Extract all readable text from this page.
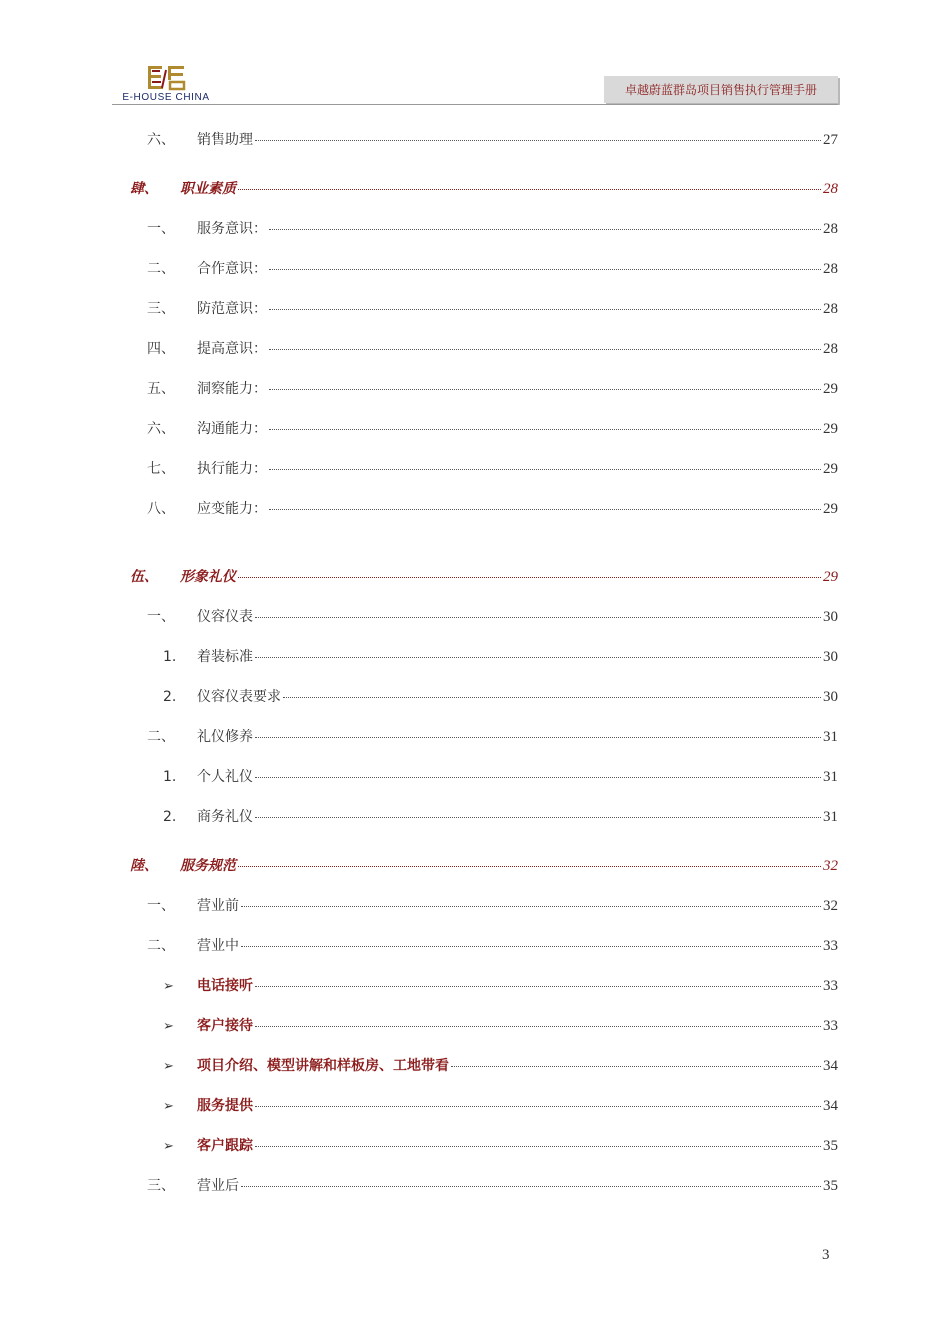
E-HOUSE CHINA
卓越蔚蓝群岛项目销售执行管理手册
六、	销售助理	27
肆、	职业素质	28
一、	服务意识：	28
二、	合作意识：	28
三、	防范意识：	28
四、	提高意识：	28
五、	洞察能力：	29
六、	沟通能力：	29
七、	执行能力：	29
八、	应变能力：	29
伍、	形象礼仪	29
一、	仪容仪表	30
1.	着装标准	30
2.	仪容仪表要求	30
二、	礼仪修养	31
1.	个人礼仪	31
2.	商务礼仪	31
陸、	服务规范	32
一、	营业前	32
二、	营业中	33
➢	电话接听	33
➢	客户接待	33
➢	项目介绍、模型讲解和样板房、工地带看	34
➢	服务提供	34
➢	客户跟踪	35
三、	营业后	35
3
